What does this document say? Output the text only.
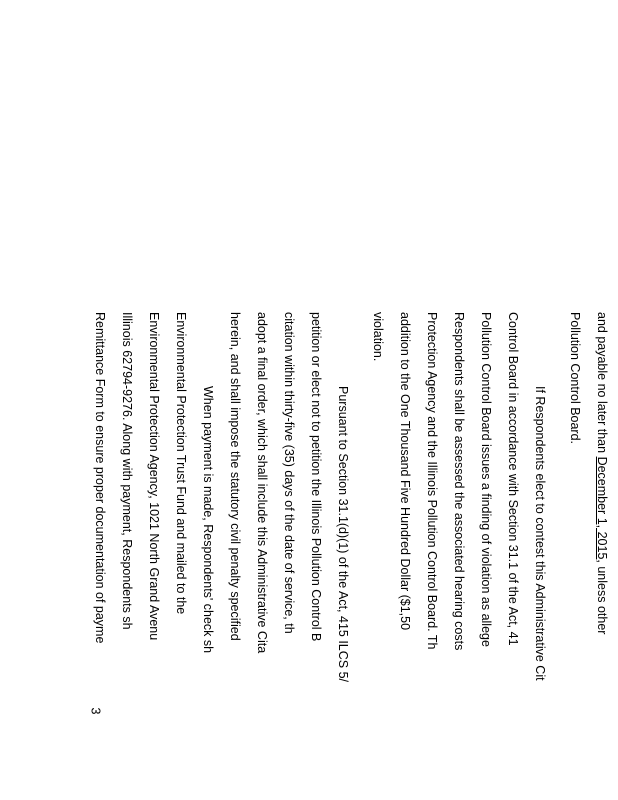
and payable no later than December 1, 2015, unless other
Pollution Control Board.
If Respondents elect to contest this Administrative Cit
Control Board in accordance with Section 31.1 of the Act, 41
Pollution Control Board issues a finding of violation as allege
Respondents shall be assessed the associated hearing costs
Protection Agency and the Illinois Pollution Control Board. Th
addition to the One Thousand Five Hundred Dollar ($1,50
violation.
Pursuant to Section 31.1(d)(1) of the Act, 415 ILCS 5/
petition or elect not to petition the Illinois Pollution Control B
citation within thirty-five (35) days of the date of service, th
adopt a final order, which shall include this Administrative Cita
herein, and shall impose the statutory civil penalty specified
When payment is made, Respondents' check sh
Environmental Protection Trust Fund and mailed to the
Environmental Protection Agency, 1021 North Grand Avenu
Illinois 62794-9276. Along with payment, Respondents sh
Remittance Form to ensure proper documentation of payme
3
